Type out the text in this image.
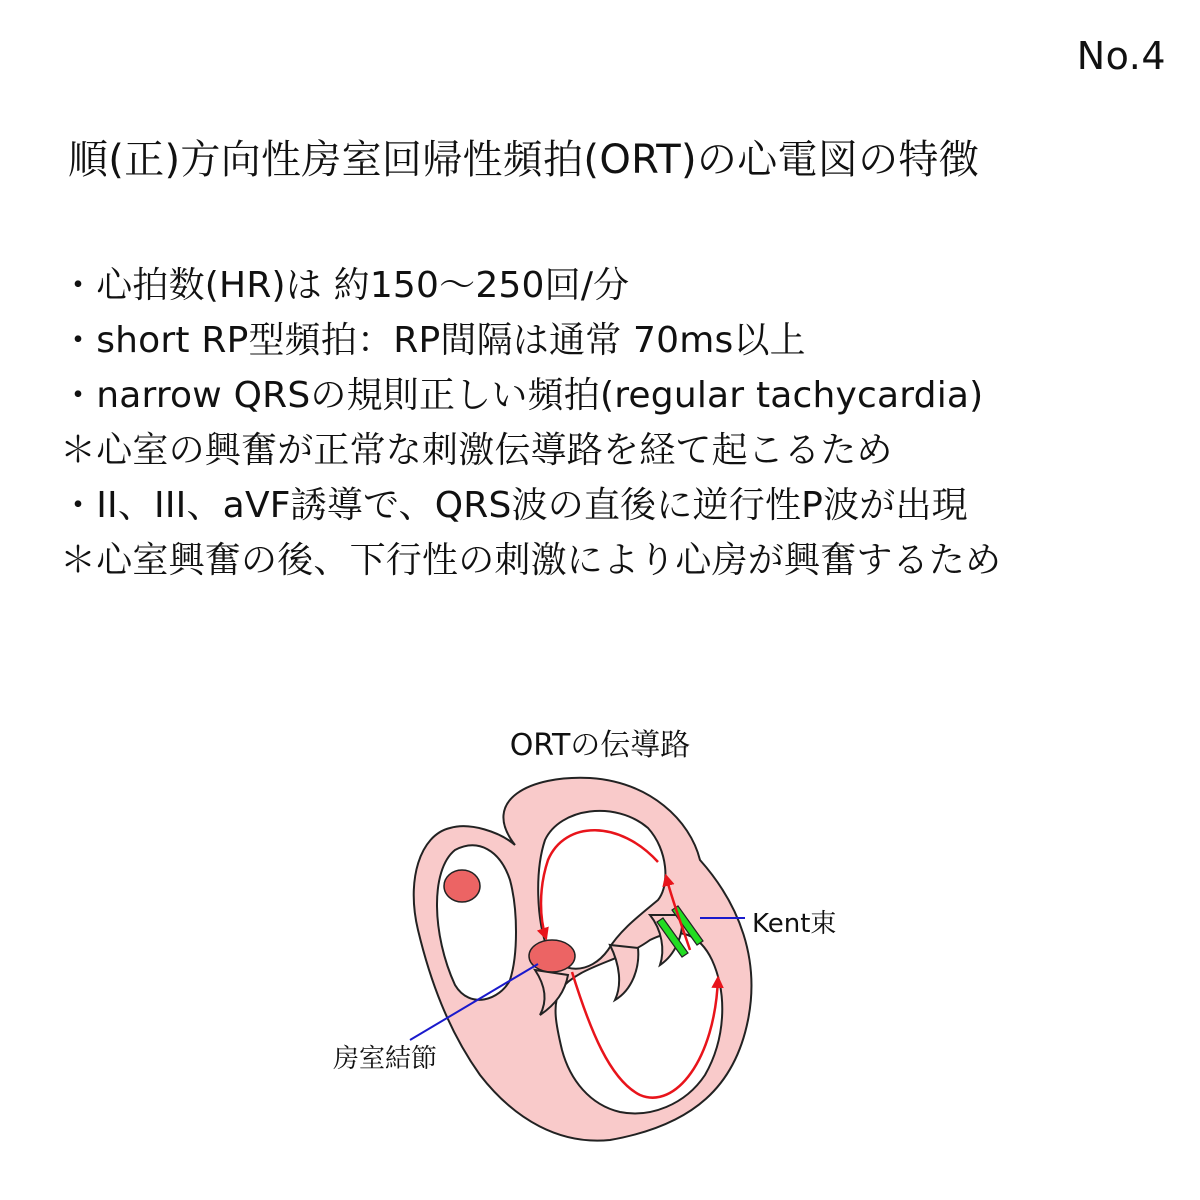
No.4
順(正)方向性房室回帰性頻拍(ORT)の心電図の特徴
・心拍数(HR)は 約150〜250回/分
・short RP型頻拍：RP間隔は通常 70ms以上
・narrow QRSの規則正しい頻拍(regular tachycardia)
＊心室の興奮が正常な刺激伝導路を経て起こるため
・II、III、aVF誘導で、QRS波の直後に逆行性P波が出現
＊心室興奮の後、下行性の刺激により心房が興奮するため
ORTの伝導路
Kent束
房室結節
